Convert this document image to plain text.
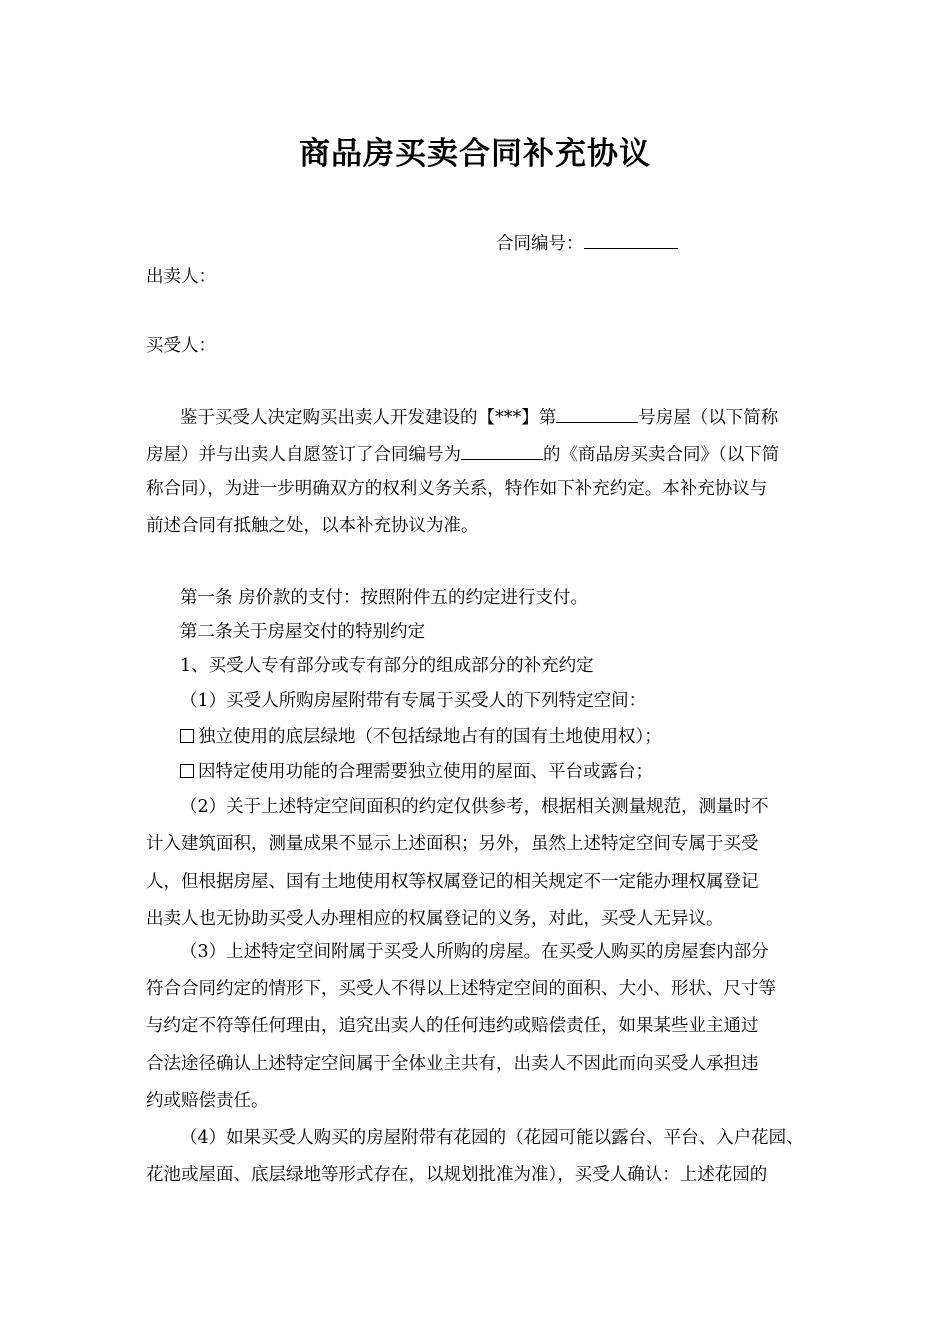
商品房买卖合同补充协议
合同编号：
出卖人：
买受人：
鉴于买受人决定购买出卖人开发建设的【***】第	号房屋（以下简称
房屋）并与出卖人自愿签订了合同编号为	的《商品房买卖合同》（以下简
称合同），为进一步明确双方的权利义务关系，特作如下补充约定。本补充协议与
前述合同有抵触之处，以本补充协议为准。
第一条 房价款的支付：按照附件五的约定进行支付。
第二条关于房屋交付的特别约定
1、买受人专有部分或专有部分的组成部分的补充约定
（1）买受人所购房屋附带有专属于买受人的下列特定空间：
独立使用的底层绿地（不包括绿地占有的国有土地使用权）；
因特定使用功能的合理需要独立使用的屋面、平台或露台；
（2）关于上述特定空间面积的约定仅供参考，根据相关测量规范，测量时不
计入建筑面积，测量成果不显示上述面积；另外，虽然上述特定空间专属于买受
人，但根据房屋、国有土地使用权等权属登记的相关规定不一定能办理权属登记
出卖人也无协助买受人办理相应的权属登记的义务，对此，买受人无异议。
（3）上述特定空间附属于买受人所购的房屋。在买受人购买的房屋套内部分
符合合同约定的情形下，买受人不得以上述特定空间的面积、大小、形状、尺寸等
与约定不符等任何理由，追究出卖人的任何违约或赔偿责任，如果某些业主通过
合法途径确认上述特定空间属于全体业主共有，出卖人不因此而向买受人承担违
约或赔偿责任。
（4）如果买受人购买的房屋附带有花园的（花园可能以露台、平台、入户花园、
花池或屋面、底层绿地等形式存在，以规划批准为准），买受人确认：上述花园的
